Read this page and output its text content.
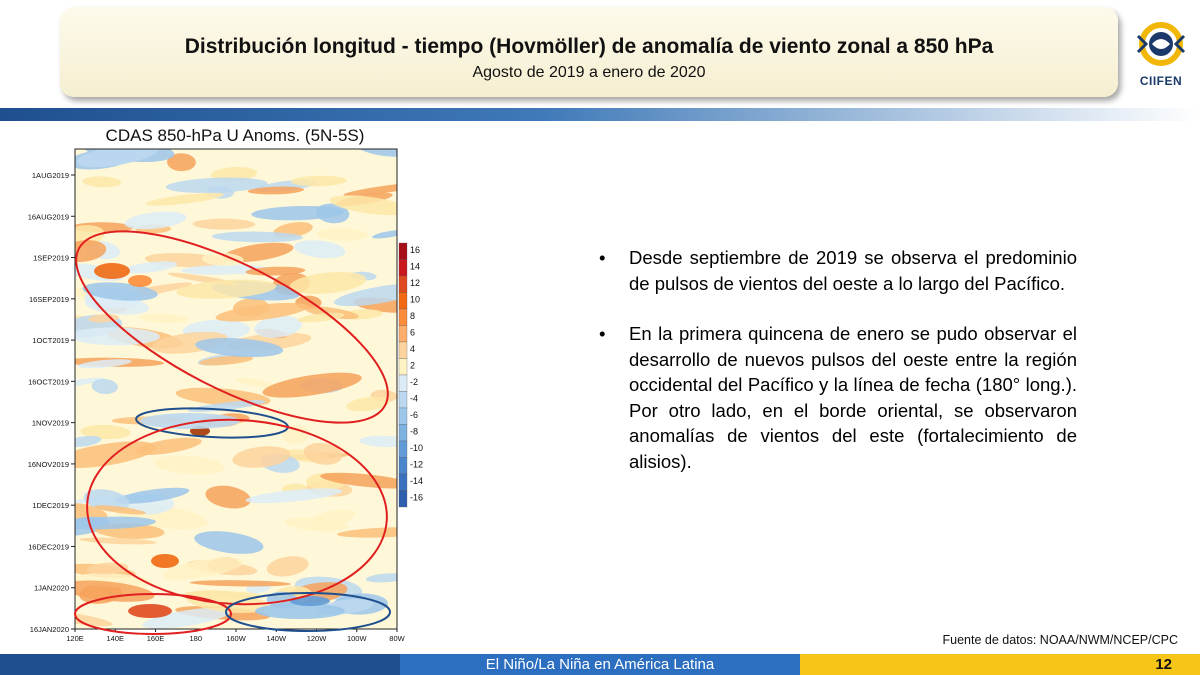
Distribución longitud - tiempo (Hovmöller) de anomalía de viento zonal a 850 hPa
Agosto de 2019 a enero de 2020	CIIFEN
CDAS 850-hPa U Anoms. (5N-5S)
1AUG2019
16AUG2019
1SEP2019
16SEP2019
1OCT2019
16OCT2019
1NOV2019
16NOV2019
1DEC2019
16DEC2019
1JAN2020
16JAN2020
120E	140E	160E	180	160W	140W	120W	100W	80W
16
14
12
10
8
6
4
2
-2
-4
-6
-8
-10
-12
-14
-16
•	Desde septiembre de 2019 se observa el predominio de pulsos de vientos del oeste a lo largo del Pacífico.
•	En la primera quincena de enero se pudo observar el desarrollo de nuevos pulsos del oeste entre la región occidental del Pacífico y la línea de fecha (180° long.). Por otro lado, en el borde oriental, se observaron anomalías de vientos del este (fortalecimiento de alisios).
Fuente de datos: NOAA/NWM/NCEP/CPC
El Niño/La Niña en América Latina	12
